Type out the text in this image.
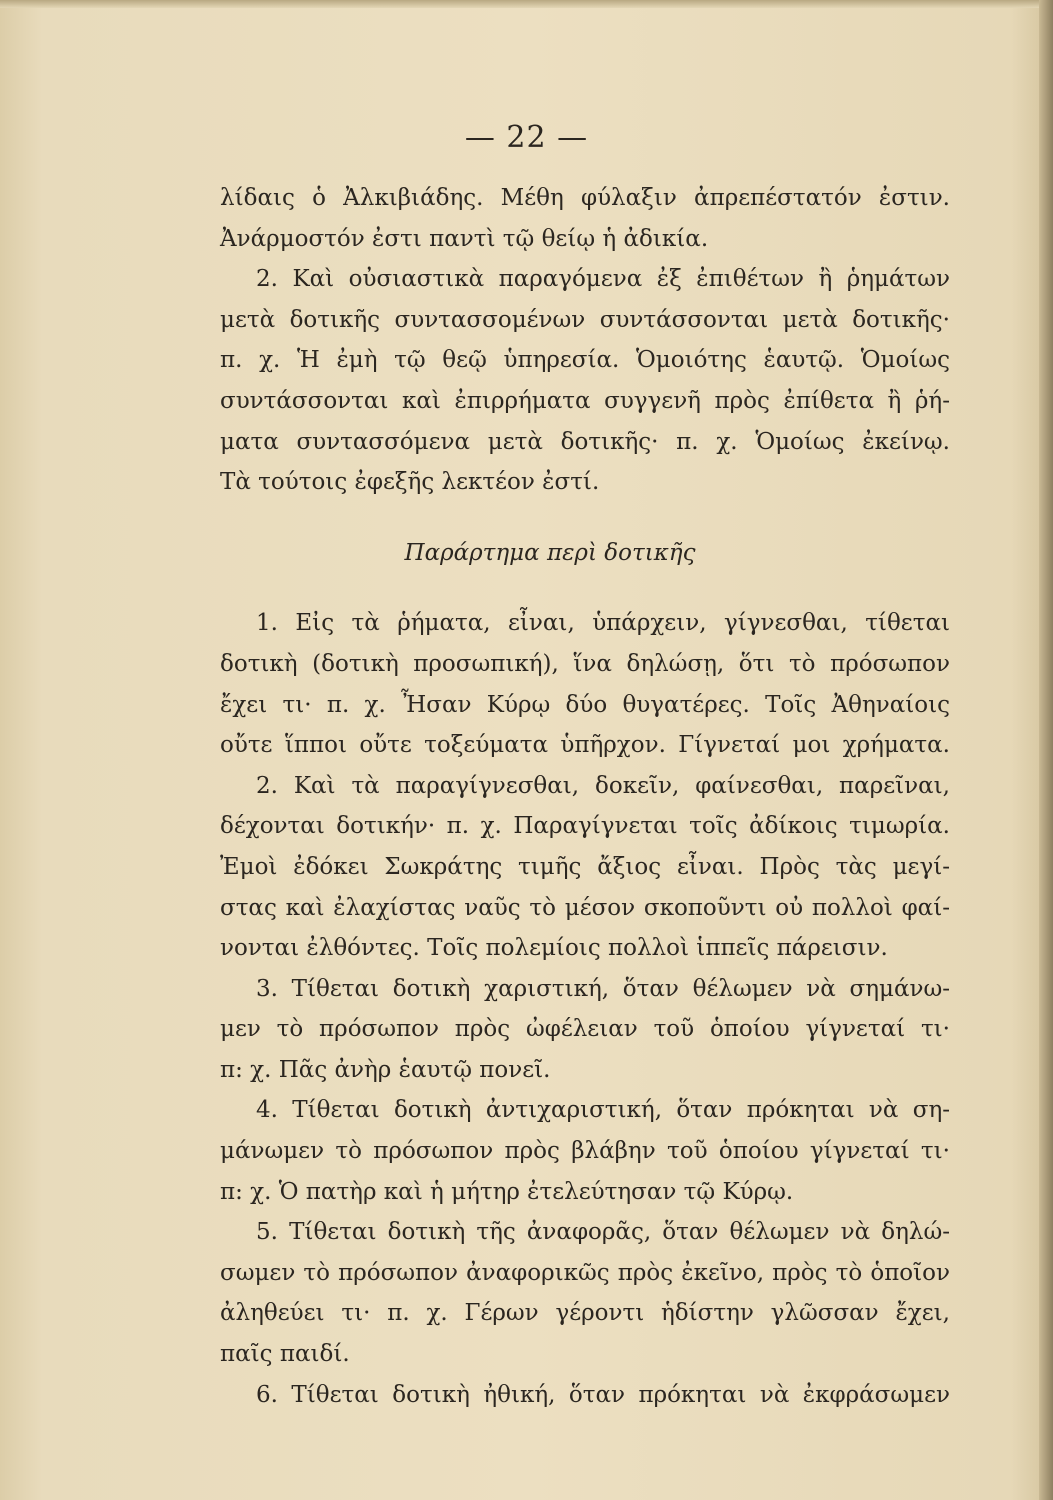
— 22 —
λίδαις ὁ Ἀλκιβιάδης. Μέθη φύλαξιν ἀπρεπέστατόν ἐστιν.
Ἀνάρμοστόν ἐστι παντὶ τῷ θείῳ ἡ ἀδικία.
2. Καὶ οὐσιαστικὰ παραγόμενα ἐξ ἐπιθέτων ἢ ῥημάτων
μετὰ δοτικῆς συντασσομένων συντάσσονται μετὰ δοτικῆς·
π. χ. Ἡ ἐμὴ τῷ θεῷ ὑπηρεσία. Ὁμοιότης ἑαυτῷ. Ὁμοίως
συντάσσονται καὶ ἐπιρρήματα συγγενῆ πρὸς ἐπίθετα ἢ ῥή-
ματα συντασσόμενα μετὰ δοτικῆς· π. χ. Ὁμοίως ἐκείνῳ.
Τὰ τούτοις ἐφεξῆς λεκτέον ἐστί.
Παράρτημα περὶ δοτικῆς
1. Εἰς τὰ ῥήματα, εἶναι, ὑπάρχειν, γίγνεσθαι, τίθεται
δοτικὴ (δοτικὴ προσωπική), ἵνα δηλώσῃ, ὅτι τὸ πρόσωπον
ἔχει τι· π. χ. Ἦσαν Κύρῳ δύο θυγατέρες. Τοῖς Ἀθηναίοις
οὔτε ἵπποι οὔτε τοξεύματα ὑπῆρχον. Γίγνεταί μοι χρήματα.
2. Καὶ τὰ παραγίγνεσθαι, δοκεῖν, φαίνεσθαι, παρεῖναι,
δέχονται δοτικήν· π. χ. Παραγίγνεται τοῖς ἀδίκοις τιμωρία.
Ἐμοὶ ἐδόκει Σωκράτης τιμῆς ἄξιος εἶναι. Πρὸς τὰς μεγί-
στας καὶ ἐλαχίστας ναῦς τὸ μέσον σκοποῦντι οὐ πολλοὶ φαί-
νονται ἐλθόντες. Τοῖς πολεμίοις πολλοὶ ἱππεῖς πάρεισιν.
3. Τίθεται δοτικὴ χαριστική, ὅταν θέλωμεν νὰ σημάνω-
μεν τὸ πρόσωπον πρὸς ὠφέλειαν τοῦ ὁποίου γίγνεταί τι·
π: χ. Πᾶς ἀνὴρ ἑαυτῷ πονεῖ.
4. Τίθεται δοτικὴ ἀντιχαριστική, ὅταν πρόκηται νὰ ση-
μάνωμεν τὸ πρόσωπον πρὸς βλάβην τοῦ ὁποίου γίγνεταί τι·
π: χ. Ὁ πατὴρ καὶ ἡ μήτηρ ἐτελεύτησαν τῷ Κύρῳ.
5. Τίθεται δοτικὴ τῆς ἀναφορᾶς, ὅταν θέλωμεν νὰ δηλώ-
σωμεν τὸ πρόσωπον ἀναφορικῶς πρὸς ἐκεῖνο, πρὸς τὸ ὁποῖον
ἀληθεύει τι· π. χ. Γέρων γέροντι ἡδίστην γλῶσσαν ἔχει,
παῖς παιδί.
6. Τίθεται δοτικὴ ἠθική, ὅταν πρόκηται νὰ ἐκφράσωμεν
